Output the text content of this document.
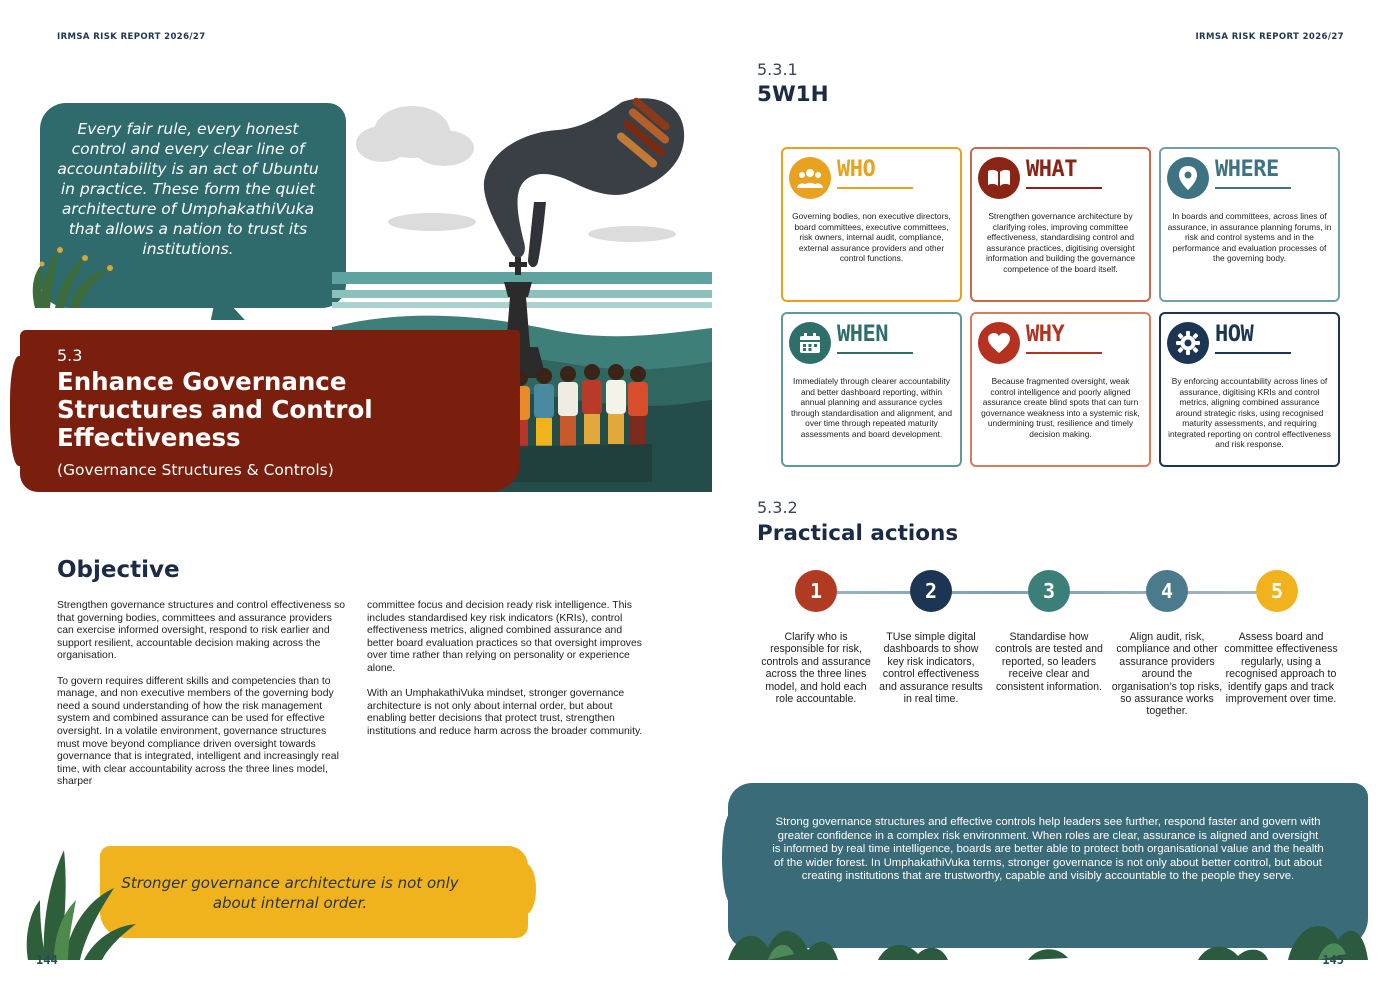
IRMSA RISK REPORT 2026/27	IRMSA RISK REPORT 2026/27
Every fair rule, every honest control and every clear line of accountability is an act of Ubuntu in practice. These form the quiet architecture of UmphakathiVuka that allows a nation to trust its institutions.
5.3
Enhance Governance Structures and Control Effectiveness
(Governance Structures & Controls)
Objective

Strengthen governance structures and control effectiveness so that governing bodies, committees and assurance providers can exercise informed oversight, respond to risk earlier and support resilient, accountable decision making across the organisation.

To govern requires different skills and competencies than to manage, and non executive members of the governing body need a sound understanding of how the risk management system and combined assurance can be used for effective oversight. In a volatile environment, governance structures must move beyond compliance driven oversight towards governance that is integrated, intelligent and increasingly real time, with clear accountability across the three lines model, sharper

committee focus and decision ready risk intelligence. This includes standardised key risk indicators (KRIs), control effectiveness metrics, aligned combined assurance and better board evaluation practices so that oversight improves over time rather than relying on personality or experience alone.

With an UmphakathiVuka mindset, stronger governance architecture is not only about internal order, but about enabling better decisions that protect trust, strengthen institutions and reduce harm across the broader community.

Stronger governance architecture is not only about internal order.
144
5.3.1
5W1H
WHO
Governing bodies, non executive directors, board committees, executive committees, risk owners, internal audit, compliance, external assurance providers and other control functions.
WHAT
Strengthen governance architecture by clarifying roles, improving committee effectiveness, standardising control and assurance practices, digitising oversight information and building the governance competence of the board itself.
WHERE
In boards and committees, across lines of assurance, in assurance planning forums, in risk and control systems and in the performance and evaluation processes of the governing body.
WHEN
Immediately through clearer accountability and better dashboard reporting, within annual planning and assurance cycles through standardisation and alignment, and over time through repeated maturity assessments and board development.
WHY
Because fragmented oversight, weak control intelligence and poorly aligned assurance create blind spots that can turn governance weakness into a systemic risk, undermining trust, resilience and timely decision making.
HOW
By enforcing accountability across lines of assurance, digitising KRIs and control metrics, aligning combined assurance around strategic risks, using recognised maturity assessments, and requiring integrated reporting on control effectiveness and risk response.
5.3.2
Practical actions
1	2	3	4	5
Clarify who is responsible for risk, controls and assurance across the three lines model, and hold each role accountable.
TUse simple digital dashboards to show key risk indicators, control effectiveness and assurance results in real time.
Standardise how controls are tested and reported, so leaders receive clear and consistent information.
Align audit, risk, compliance and other assurance providers around the organisation’s top risks, so assurance works together.
Assess board and committee effectiveness regularly, using a recognised approach to identify gaps and track improvement over time.
Strong governance structures and effective controls help leaders see further, respond faster and govern with greater confidence in a complex risk environment. When roles are clear, assurance is aligned and oversight is informed by real time intelligence, boards are better able to protect both organisational value and the health of the wider forest. In UmphakathiVuka terms, stronger governance is not only about better control, but about creating institutions that are trustworthy, capable and visibly accountable to the people they serve.
145
